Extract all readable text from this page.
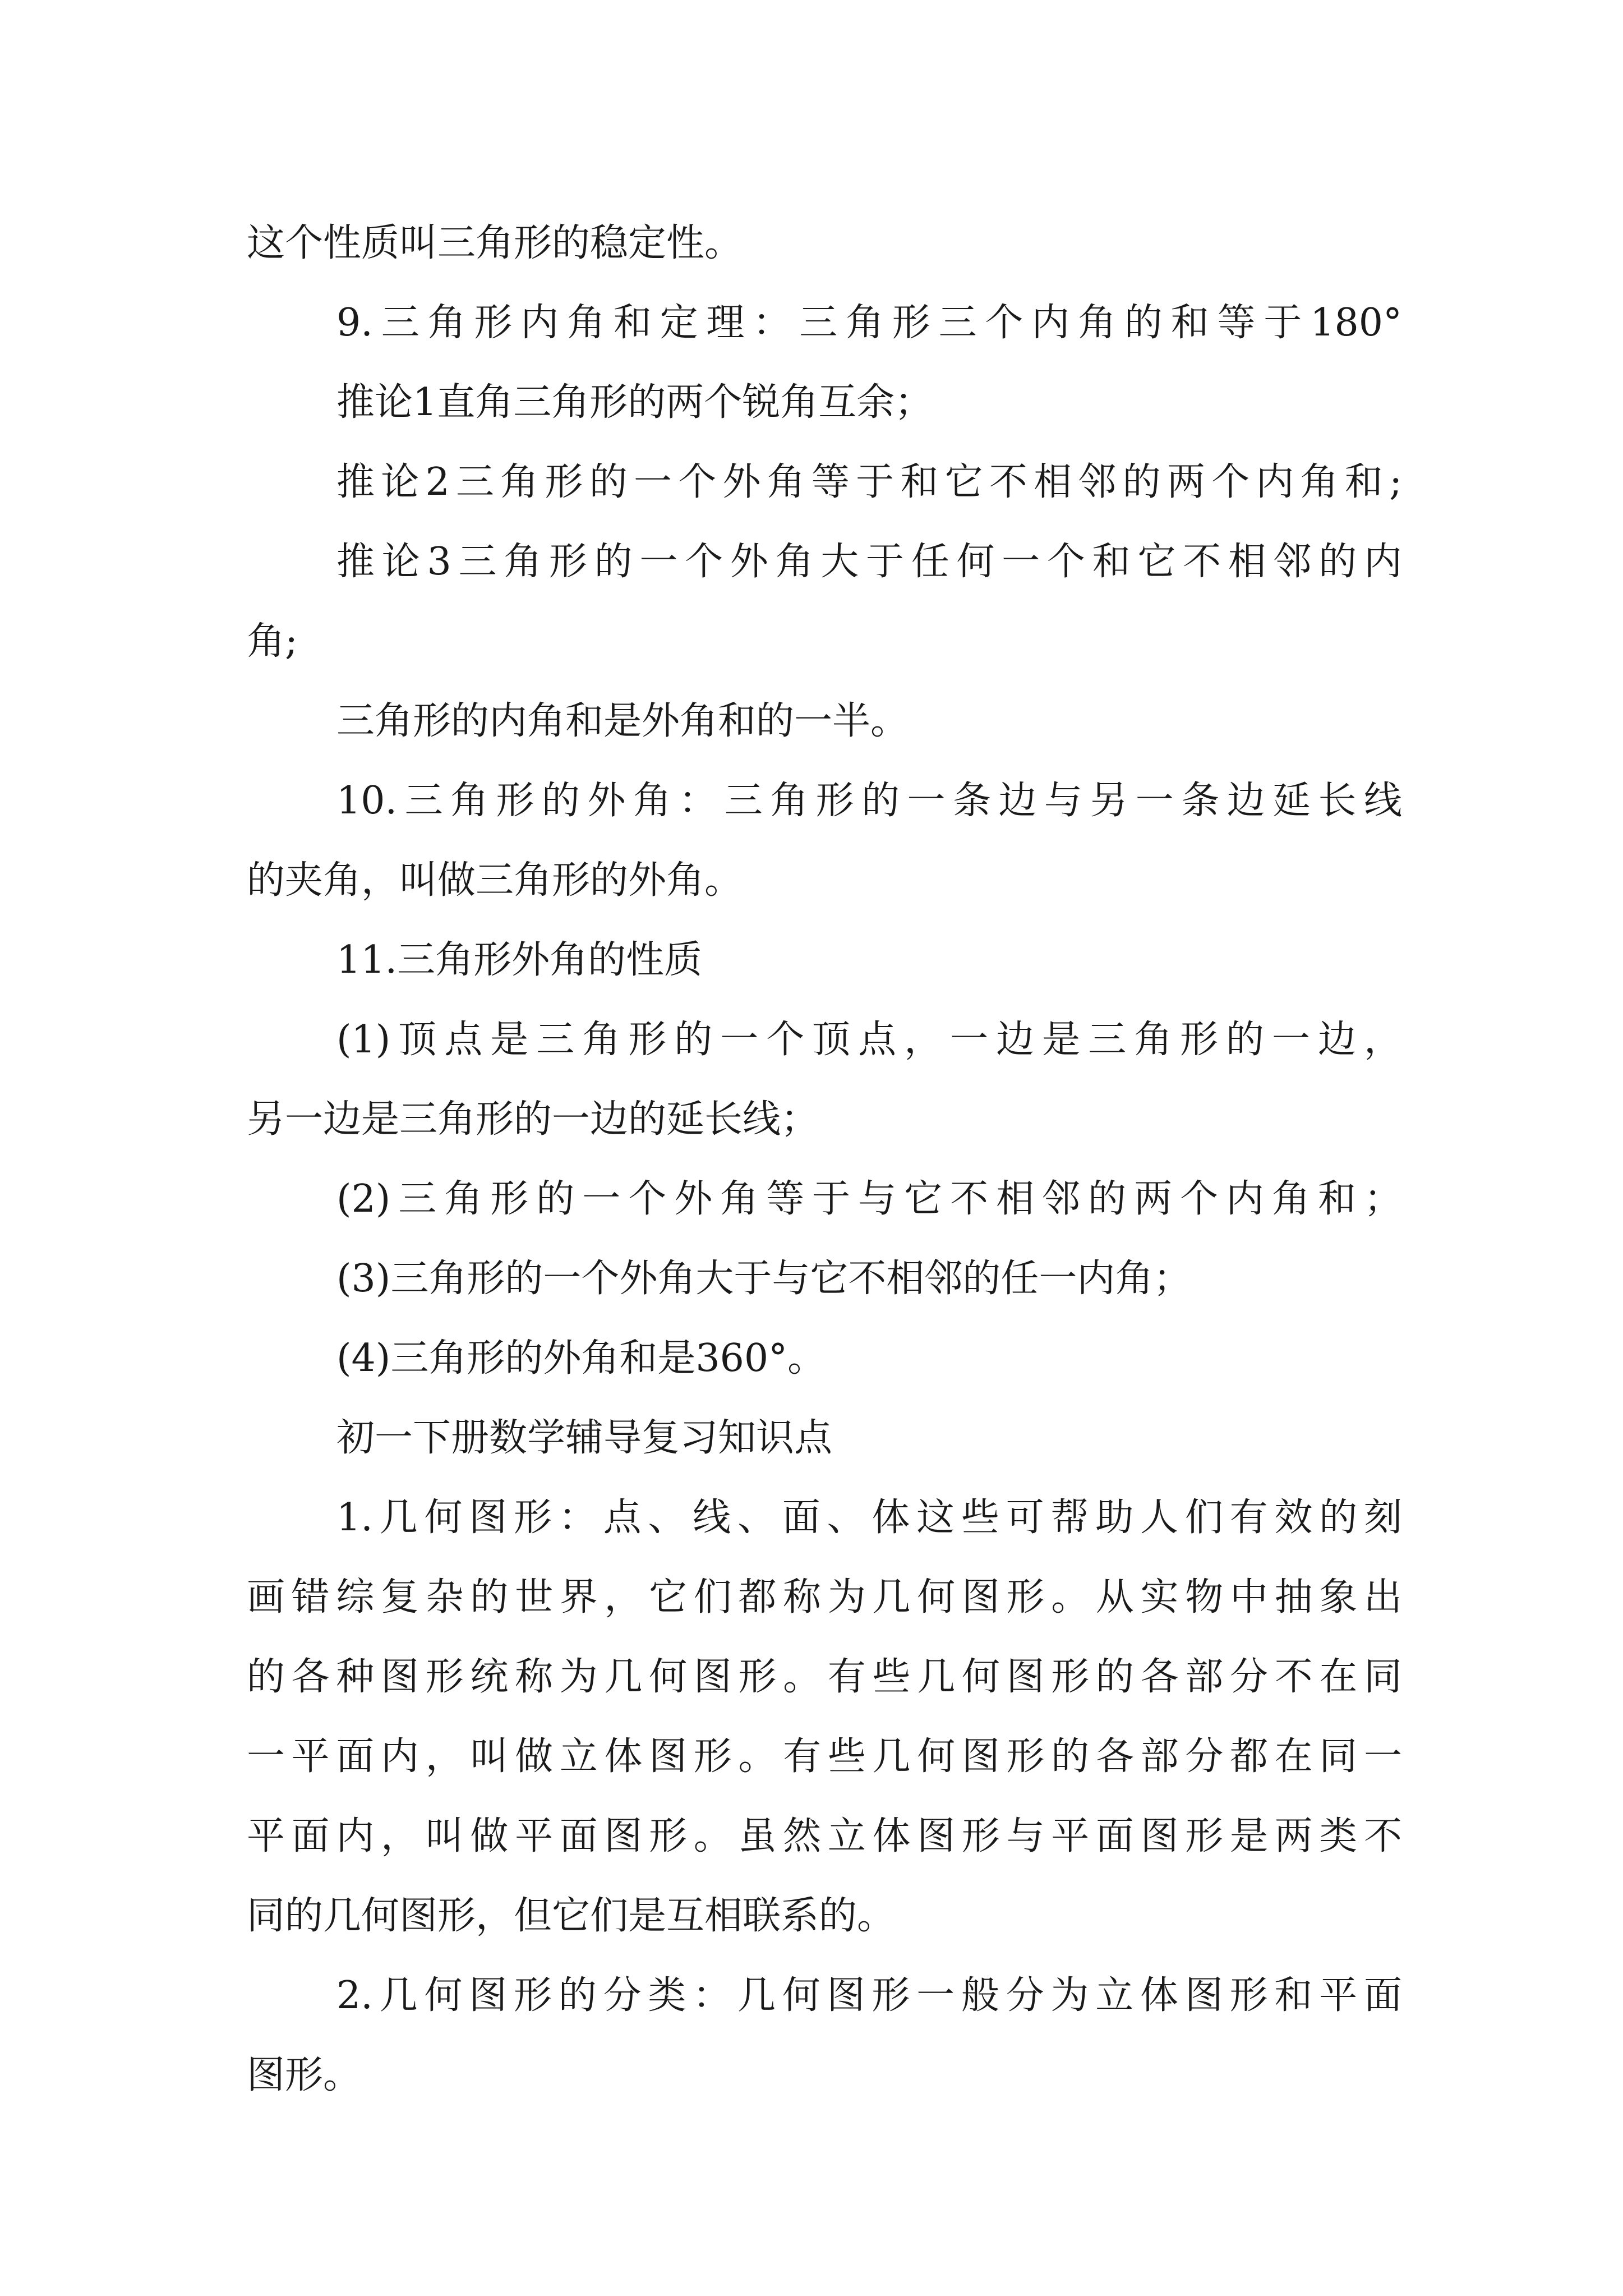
这个性质叫三角形的稳定性。
9.三角形内角和定理：三角形三个内角的和等于180°
推论1直角三角形的两个锐角互余；
推论2三角形的一个外角等于和它不相邻的两个内角和;
推论3三角形的一个外角大于任何一个和它不相邻的内
角;
三角形的内角和是外角和的一半。
10.三角形的外角：三角形的一条边与另一条边延长线
的夹角，叫做三角形的外角。
11.三角形外角的性质
(1)顶点是三角形的一个顶点，一边是三角形的一边，
另一边是三角形的一边的延长线；
(2)三角形的一个外角等于与它不相邻的两个内角和；
(3)三角形的一个外角大于与它不相邻的任一内角；
(4)三角形的外角和是360°。
初一下册数学辅导复习知识点
1.几何图形：点、线、面、体这些可帮助人们有效的刻
画错综复杂的世界，它们都称为几何图形。从实物中抽象出
的各种图形统称为几何图形。有些几何图形的各部分不在同
一平面内，叫做立体图形。有些几何图形的各部分都在同一
平面内，叫做平面图形。虽然立体图形与平面图形是两类不
同的几何图形，但它们是互相联系的。
2.几何图形的分类：几何图形一般分为立体图形和平面
图形。
